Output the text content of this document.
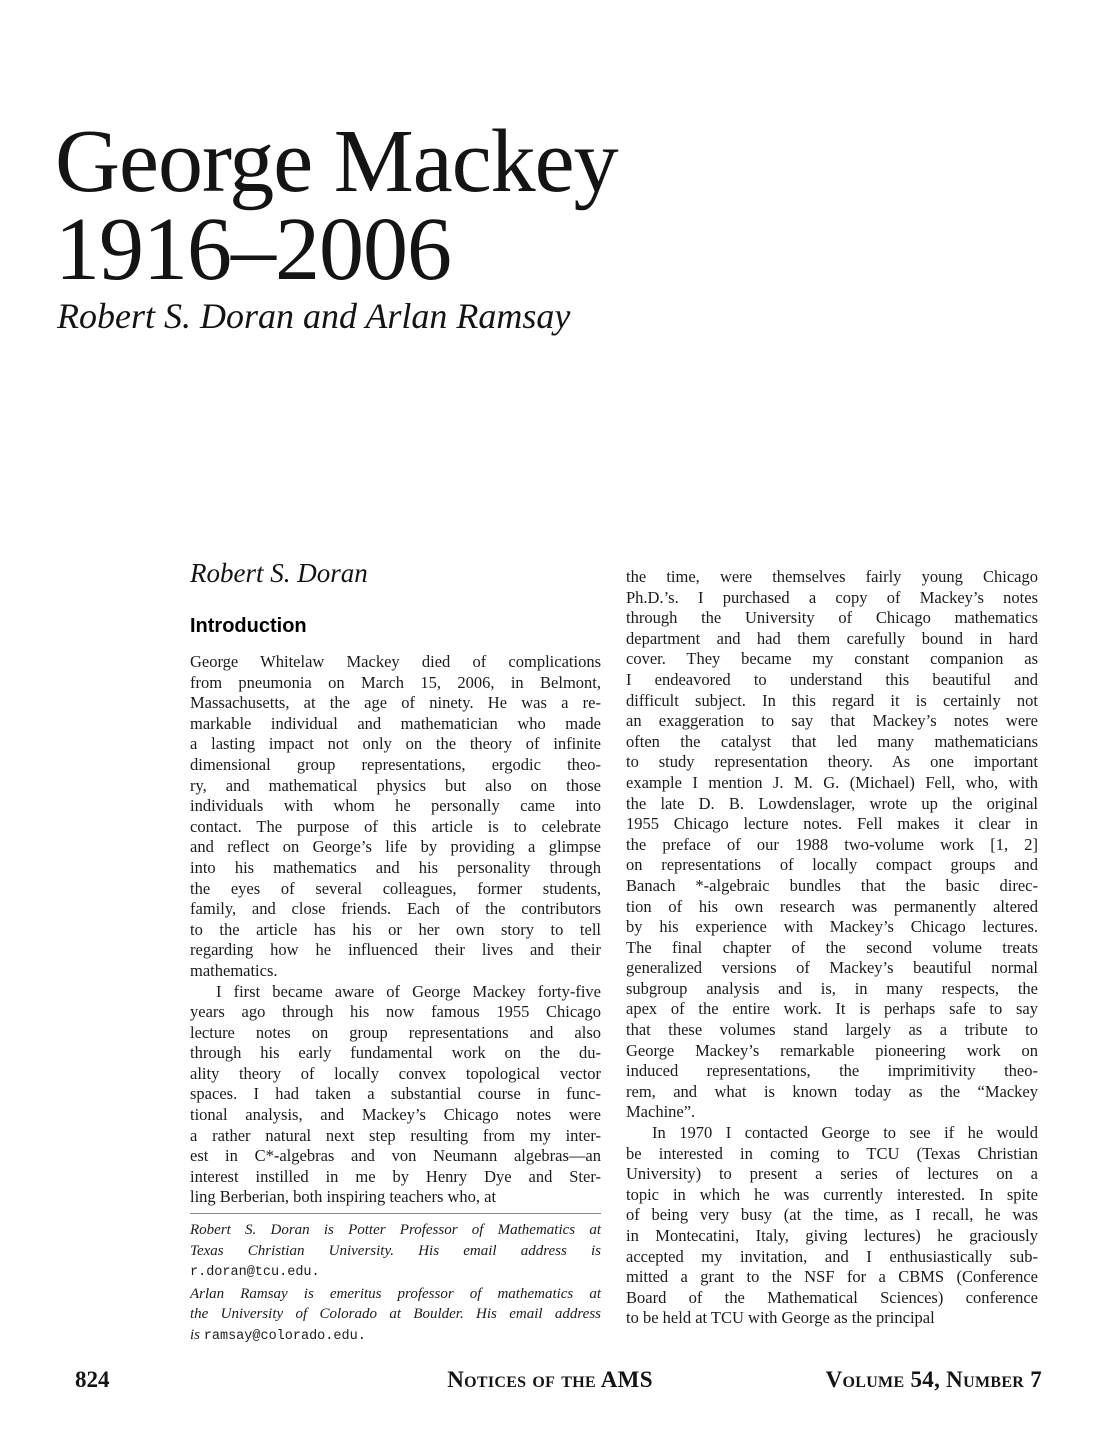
George Mackey
1916–2006
Robert S. Doran and Arlan Ramsay
Robert S. Doran
Introduction
George Whitelaw Mackey died of complications
from pneumonia on March 15, 2006, in Belmont,
Massachusetts, at the age of ninety. He was a re-
markable individual and mathematician who made
a lasting impact not only on the theory of infinite
dimensional group representations, ergodic theo-
ry, and mathematical physics but also on those
individuals with whom he personally came into
contact. The purpose of this article is to celebrate
and reflect on George’s life by providing a glimpse
into his mathematics and his personality through
the eyes of several colleagues, former students,
family, and close friends. Each of the contributors
to the article has his or her own story to tell
regarding how he influenced their lives and their
mathematics.
I first became aware of George Mackey forty-five
years ago through his now famous 1955 Chicago
lecture notes on group representations and also
through his early fundamental work on the du-
ality theory of locally convex topological vector
spaces. I had taken a substantial course in func-
tional analysis, and Mackey’s Chicago notes were
a rather natural next step resulting from my inter-
est in C*-algebras and von Neumann algebras—an
interest instilled in me by Henry Dye and Ster-
ling Berberian, both inspiring teachers who, at
Robert S. Doran is Potter Professor of Mathematics at
Texas Christian University. His email address is
r.doran@tcu.edu.
Arlan Ramsay is emeritus professor of mathematics at
the University of Colorado at Boulder. His email address
is ramsay@colorado.edu.
the time, were themselves fairly young Chicago
Ph.D.’s. I purchased a copy of Mackey’s notes
through the University of Chicago mathematics
department and had them carefully bound in hard
cover. They became my constant companion as
I endeavored to understand this beautiful and
difficult subject. In this regard it is certainly not
an exaggeration to say that Mackey’s notes were
often the catalyst that led many mathematicians
to study representation theory. As one important
example I mention J. M. G. (Michael) Fell, who, with
the late D. B. Lowdenslager, wrote up the original
1955 Chicago lecture notes. Fell makes it clear in
the preface of our 1988 two-volume work [1, 2]
on representations of locally compact groups and
Banach *-algebraic bundles that the basic direc-
tion of his own research was permanently altered
by his experience with Mackey’s Chicago lectures.
The final chapter of the second volume treats
generalized versions of Mackey’s beautiful normal
subgroup analysis and is, in many respects, the
apex of the entire work. It is perhaps safe to say
that these volumes stand largely as a tribute to
George Mackey’s remarkable pioneering work on
induced representations, the imprimitivity theo-
rem, and what is known today as the “Mackey
Machine”.
In 1970 I contacted George to see if he would
be interested in coming to TCU (Texas Christian
University) to present a series of lectures on a
topic in which he was currently interested. In spite
of being very busy (at the time, as I recall, he was
in Montecatini, Italy, giving lectures) he graciously
accepted my invitation, and I enthusiastically sub-
mitted a grant to the NSF for a CBMS (Conference
Board of the Mathematical Sciences) conference
to be held at TCU with George as the principal
824	Notices of the AMS	Volume 54, Number 7
